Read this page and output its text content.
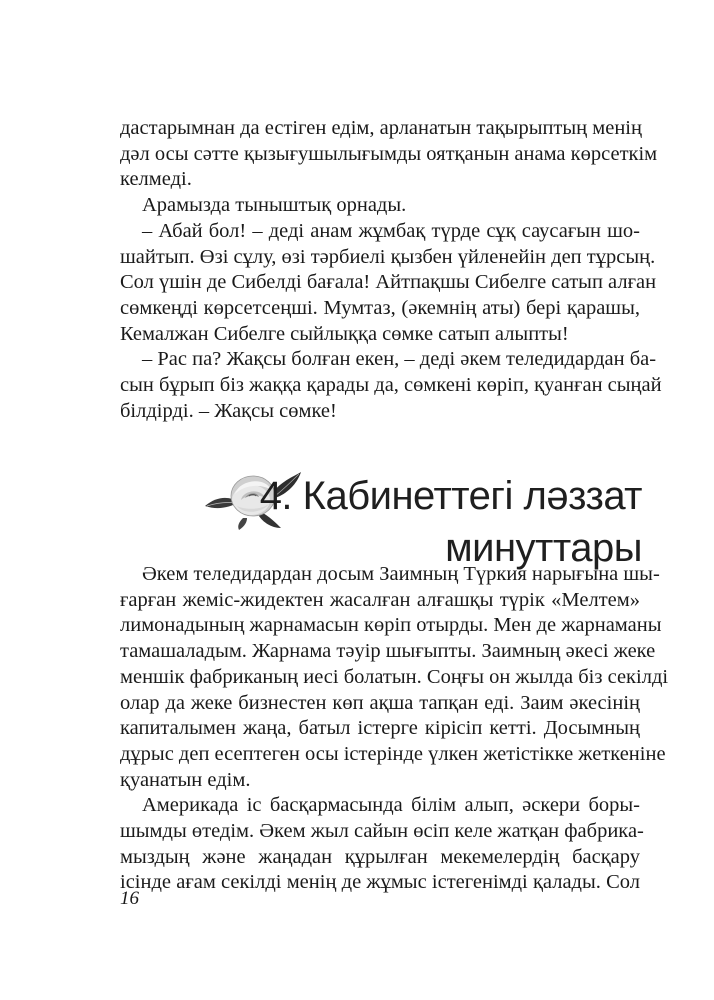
дастарымнан да естіген едім, арланатын тақырыптың менің
дәл осы сәтте қызығушылығымды оятқанын анама көрсеткім
келмеді.
Арамызда тыныштық орнады.
– Абай бол! – деді анам жұмбақ түрде сұқ саусағын шо-
шайтып. Өзі сұлу, өзі тәрбиелі қызбен үйленейін деп тұрсың.
Сол үшін де Сибелді бағала! Айтпақшы Сибелге сатып алған
сөмкеңді көрсетсеңші. Мумтаз, (әкемнің аты) бері қарашы,
Кемалжан Сибелге сыйлыққа сөмке сатып алыпты!
– Рас па? Жақсы болған екен, – деді әкем теледидардан ба-
сын бұрып біз жаққа қарады да, сөмкені көріп, қуанған сыңай
білдірді. – Жақсы сөмке!
4. Кабинеттегі ләззат
минуттары
Әкем теледидардан досым Заимның Түркия нарығына шы-
ғарған жеміс-жидектен жасалған алғашқы түрік «Мелтем»
лимонадының жарнамасын көріп отырды. Мен де жарнаманы
тамашаладым. Жарнама тәуір шығыпты. Заимның әкесі жеке
меншік фабриканың иесі болатын. Соңғы он жылда біз секілді
олар да жеке бизнестен көп ақша тапқан еді. Заим әкесінің
капиталымен жаңа, батыл істерге кірісіп кетті. Досымның
дұрыс деп есептеген осы істерінде үлкен жетістікке жеткеніне
қуанатын едім.
Америкада іс басқармасында білім алып, әскери боры-
шымды өтедім. Әкем жыл сайын өсіп келе жатқан фабрика-
мыздың және жаңадан құрылған мекемелердің басқару
ісінде ағам секілді менің де жұмыс істегенімді қалады. Сол
16
